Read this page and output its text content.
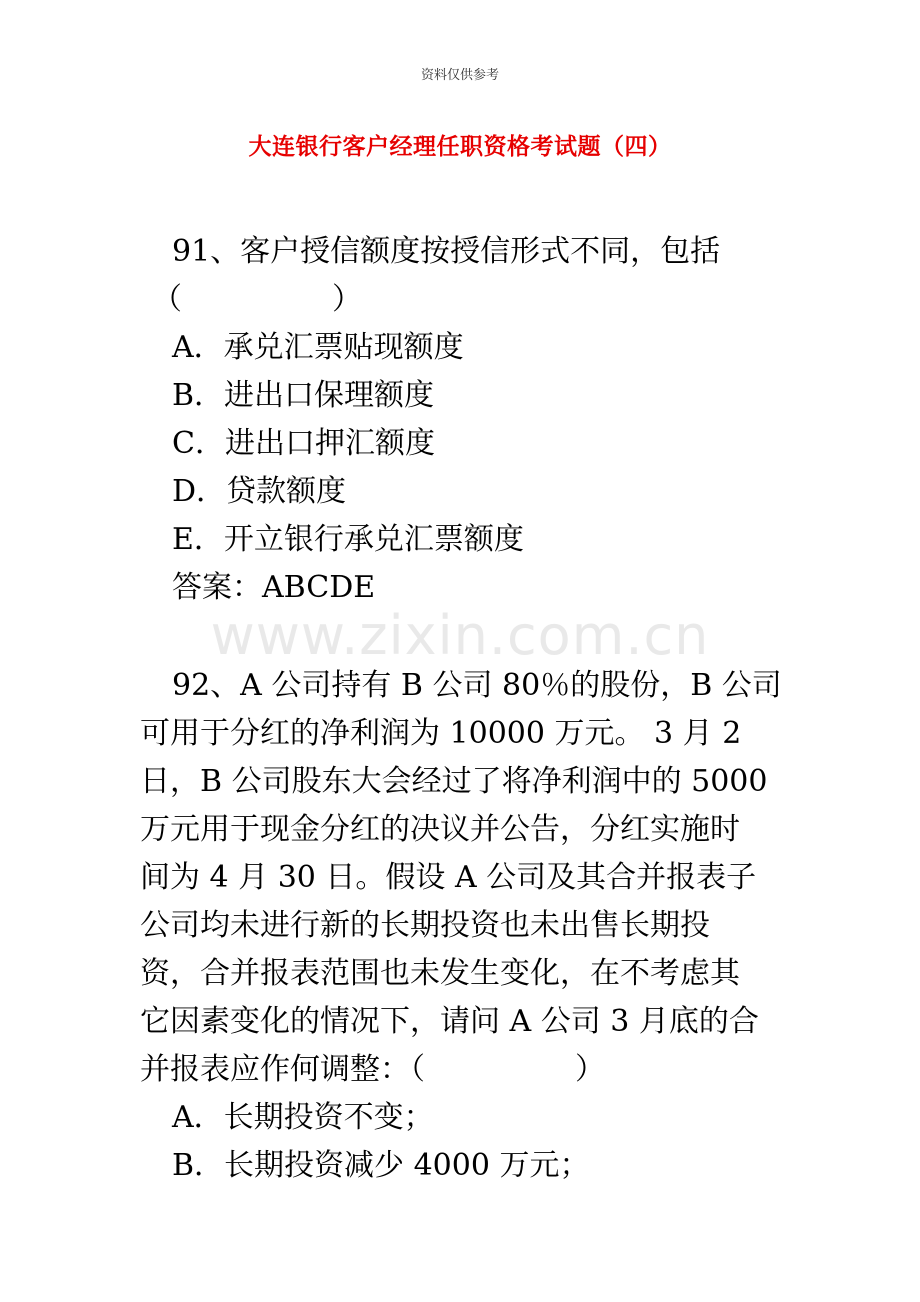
资料仅供参考
大连银行客户经理任职资格考试题（四）
91、客户授信额度按授信形式不同，包括
（　　　　　）
A．承兑汇票贴现额度
B．进出口保理额度
C．进出口押汇额度
D．贷款额度
E．开立银行承兑汇票额度
答案：ABCDE
www.zixin.com.cn
92、A 公司持有 B 公司 80％的股份，B 公司
可用于分红的净利润为 10000 万元。 3 月 2
日，B 公司股东大会经过了将净利润中的 5000
万元用于现金分红的决议并公告，分红实施时
间为 4 月 30 日。假设 A 公司及其合并报表子
公司均未进行新的长期投资也未出售长期投
资，合并报表范围也未发生变化，在不考虑其
它因素变化的情况下，请问 A 公司 3 月底的合
并报表应作何调整：（　　　　　）
A．长期投资不变；
B．长期投资减少 4000 万元；
